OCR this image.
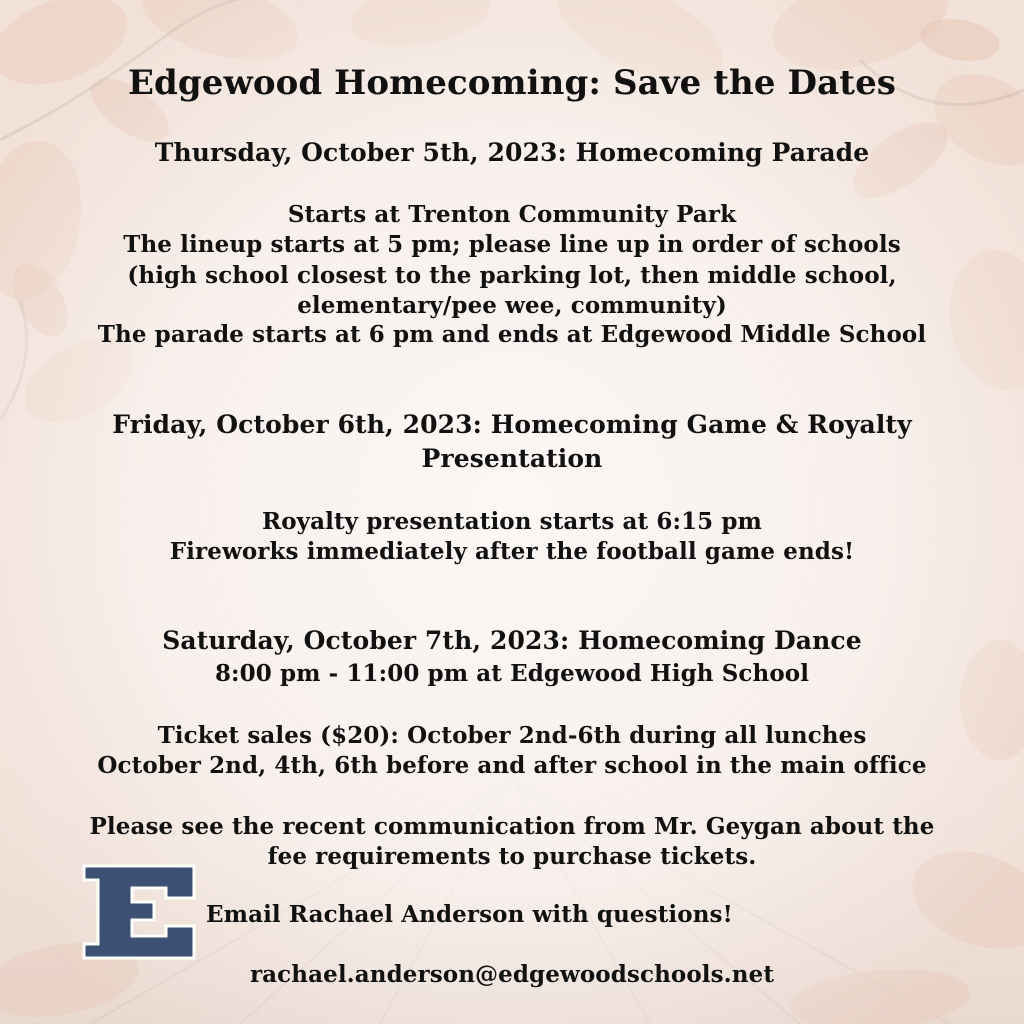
Edgewood Homecoming: Save the Dates
Thursday, October 5th, 2023: Homecoming Parade
Starts at Trenton Community Park
The lineup starts at 5 pm; please line up in order of schools
(high school closest to the parking lot, then middle school,
elementary/pee wee, community)
The parade starts at 6 pm and ends at Edgewood Middle School
Friday, October 6th, 2023: Homecoming Game & Royalty
Presentation
Royalty presentation starts at 6:15 pm
Fireworks immediately after the football game ends!
Saturday, October 7th, 2023: Homecoming Dance
8:00 pm - 11:00 pm at Edgewood High School
Ticket sales ($20): October 2nd-6th during all lunches
October 2nd, 4th, 6th before and after school in the main office
Please see the recent communication from Mr. Geygan about the
fee requirements to purchase tickets.
Email Rachael Anderson with questions!
rachael.anderson@edgewoodschools.net
